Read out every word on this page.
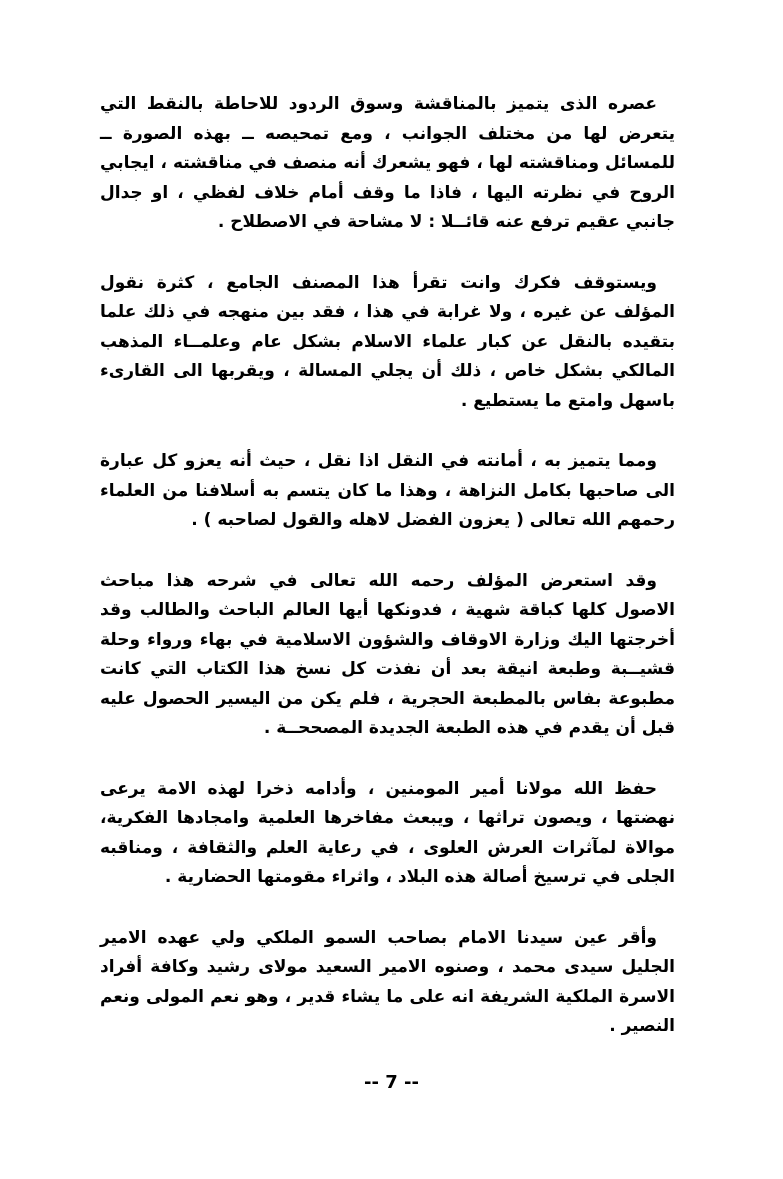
عصره الذى يتميز بالمناقشة وسوق الردود للاحاطة بالنقط التي يتعرض لها من مختلف الجوانب ، ومع تمحيصه ــ بهذه الصورة ــ للمسائل ومناقشته لها ، فهو يشعرك أنه منصف في مناقشته ، ايجابي الروح في نظرته اليها ، فاذا ما وقف أمام خلاف لفظي ، او جدال جانبي عقيم ترفع عنه قائــلا : لا مشاحة في الاصطلاح .

ويستوقف فكرك وانت تقرأ هذا المصنف الجامع ، كثرة نقول المؤلف عن غيره ، ولا غرابة في هذا ، فقد بين منهجه في ذلك علما بتقيده بالنقل عن كبار علماء الاسلام بشكل عام وعلمــاء المذهب المالكي بشكل خاص ، ذلك أن يجلي المسالة ، ويقربها الى القارىء باسهل وامتع ما يستطيع .

ومما يتميز به ، أمانته في النقل اذا نقل ، حيث أنه يعزو كل عبارة الى صاحبها بكامل النزاهة ، وهذا ما كان يتسم به أسلافنا من العلماء رحمهم الله تعالى ( يعزون الفضل لاهله والقول لصاحبه ) .

وقد استعرض المؤلف رحمه الله تعالى في شرحه هذا مباحث الاصول كلها كباقة شهية ، فدونكها أيها العالم الباحث والطالب وقد أخرجتها اليك وزارة الاوقاف والشؤون الاسلامية في بهاء ورواء وحلة قشيــبة وطبعة انيقة بعد أن نفذت كل نسخ هذا الكتاب التي كانت مطبوعة بفاس بالمطبعة الحجرية ، فلم يكن من اليسير الحصول عليه قبل أن يقدم في هذه الطبعة الجديدة المصححــة .

حفظ الله مولانا أمير المومنين ، وأدامه ذخرا لهذه الامة يرعى نهضتها ، ويصون تراثها ، ويبعث مفاخرها العلمية وامجادها الفكرية، موالاة لمآثرات العرش العلوى ، في رعاية العلم والثقافة ، ومناقبه الجلى في ترسيخ أصالة هذه البلاد ، واثراء مقومتها الحضارية .

وأقر عين سيدنا الامام بصاحب السمو الملكي ولي عهده الامير الجليل سيدى محمد ، وصنوه الامير السعيد مولاى رشيد وكافة أفراد الاسرة الملكية الشريفة انه على ما يشاء قدير ، وهو نعم المولى ونعم النصير .

-- 7 --
